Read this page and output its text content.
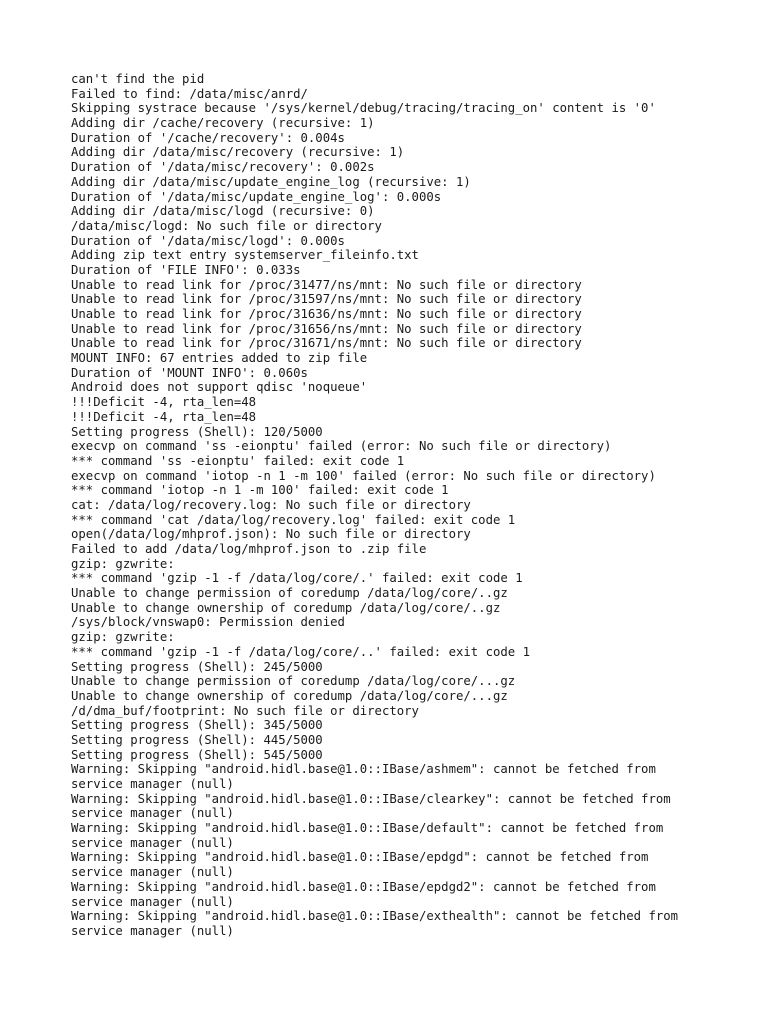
can't find the pid
Failed to find: /data/misc/anrd/
Skipping systrace because '/sys/kernel/debug/tracing/tracing_on' content is '0'
Adding dir /cache/recovery (recursive: 1)
Duration of '/cache/recovery': 0.004s
Adding dir /data/misc/recovery (recursive: 1)
Duration of '/data/misc/recovery': 0.002s
Adding dir /data/misc/update_engine_log (recursive: 1)
Duration of '/data/misc/update_engine_log': 0.000s
Adding dir /data/misc/logd (recursive: 0)
/data/misc/logd: No such file or directory
Duration of '/data/misc/logd': 0.000s
Adding zip text entry systemserver_fileinfo.txt
Duration of 'FILE INFO': 0.033s
Unable to read link for /proc/31477/ns/mnt: No such file or directory
Unable to read link for /proc/31597/ns/mnt: No such file or directory
Unable to read link for /proc/31636/ns/mnt: No such file or directory
Unable to read link for /proc/31656/ns/mnt: No such file or directory
Unable to read link for /proc/31671/ns/mnt: No such file or directory
MOUNT INFO: 67 entries added to zip file
Duration of 'MOUNT INFO': 0.060s
Android does not support qdisc 'noqueue'
!!!Deficit -4, rta_len=48
!!!Deficit -4, rta_len=48
Setting progress (Shell): 120/5000
execvp on command 'ss -eionptu' failed (error: No such file or directory)
*** command 'ss -eionptu' failed: exit code 1
execvp on command 'iotop -n 1 -m 100' failed (error: No such file or directory)
*** command 'iotop -n 1 -m 100' failed: exit code 1
cat: /data/log/recovery.log: No such file or directory
*** command 'cat /data/log/recovery.log' failed: exit code 1
open(/data/log/mhprof.json): No such file or directory
Failed to add /data/log/mhprof.json to .zip file
gzip: gzwrite:
*** command 'gzip -1 -f /data/log/core/.' failed: exit code 1
Unable to change permission of coredump /data/log/core/..gz
Unable to change ownership of coredump /data/log/core/..gz
/sys/block/vnswap0: Permission denied
gzip: gzwrite:
*** command 'gzip -1 -f /data/log/core/..' failed: exit code 1
Setting progress (Shell): 245/5000
Unable to change permission of coredump /data/log/core/...gz
Unable to change ownership of coredump /data/log/core/...gz
/d/dma_buf/footprint: No such file or directory
Setting progress (Shell): 345/5000
Setting progress (Shell): 445/5000
Setting progress (Shell): 545/5000
Warning: Skipping "android.hidl.base@1.0::IBase/ashmem": cannot be fetched from
service manager (null)
Warning: Skipping "android.hidl.base@1.0::IBase/clearkey": cannot be fetched from
service manager (null)
Warning: Skipping "android.hidl.base@1.0::IBase/default": cannot be fetched from
service manager (null)
Warning: Skipping "android.hidl.base@1.0::IBase/epdgd": cannot be fetched from
service manager (null)
Warning: Skipping "android.hidl.base@1.0::IBase/epdgd2": cannot be fetched from
service manager (null)
Warning: Skipping "android.hidl.base@1.0::IBase/exthealth": cannot be fetched from
service manager (null)
